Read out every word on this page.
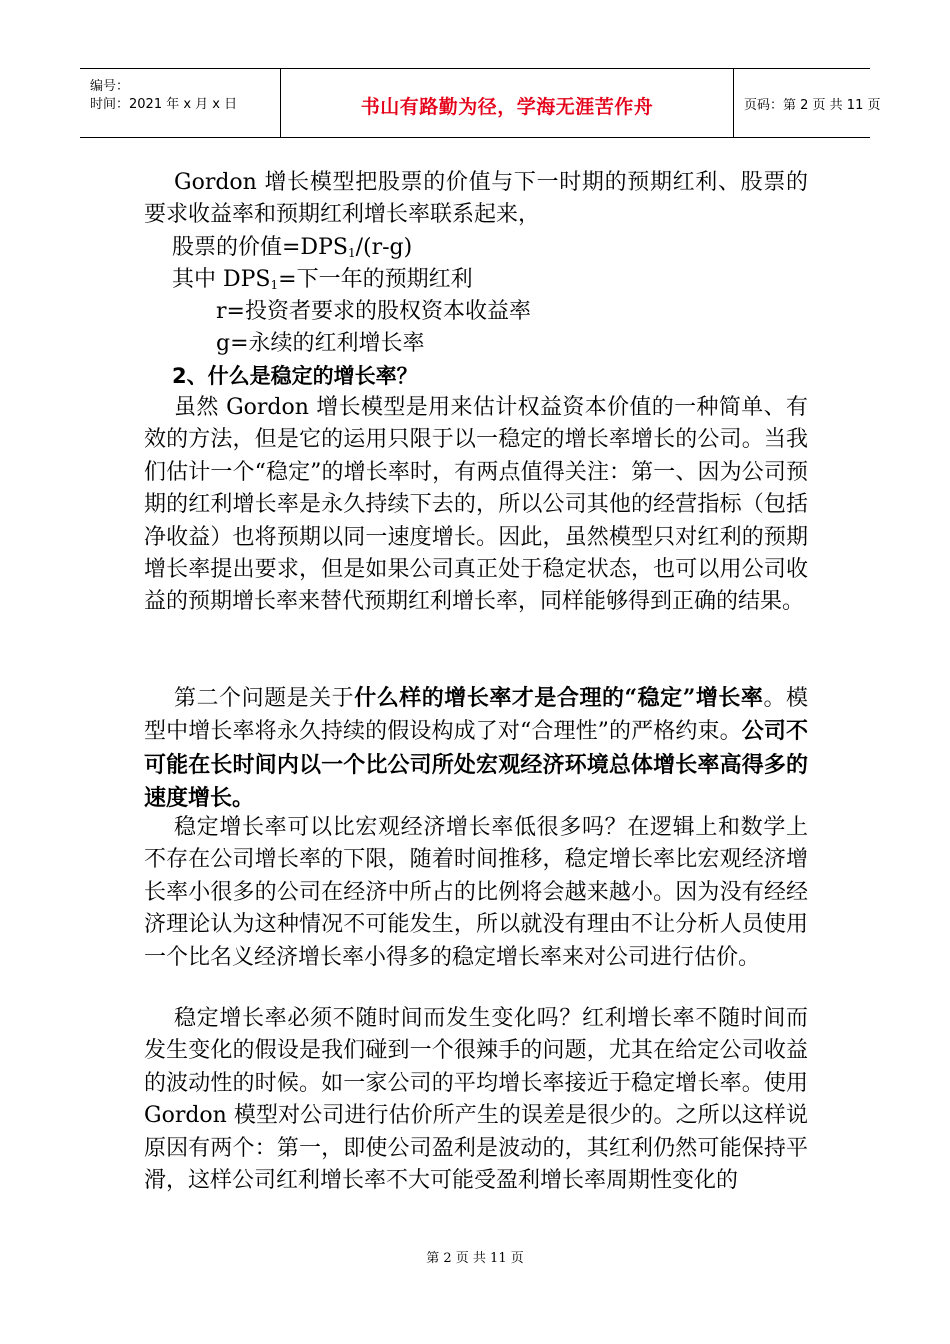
编号：
时间：2021 年 x 月 x 日	书山有路勤为径，学海无涯苦作舟	页码：第 2 页 共 11 页
Gordon 增长模型把股票的价值与下一时期的预期红利、股票的要求收益率和预期红利增长率联系起来，
股票的价值$=DPS_1/(r-g)$
其中 $DPS_1=$下一年的预期红利
r=投资者要求的股权资本收益率
g=永续的红利增长率
2、什么是稳定的增长率？
虽然 Gordon 增长模型是用来估计权益资本价值的一种简单、有效的方法，但是它的运用只限于以一稳定的增长率增长的公司。当我们估计一个“稳定”的增长率时，有两点值得关注：第一、因为公司预期的红利增长率是永久持续下去的，所以公司其他的经营指标（包括净收益）也将预期以同一速度增长。因此，虽然模型只对红利的预期增长率提出要求，但是如果公司真正处于稳定状态，也可以用公司收益的预期增长率来替代预期红利增长率，同样能够得到正确的结果。
第二个问题是关于什么样的增长率才是合理的“稳定”增长率。模型中增长率将永久持续的假设构成了对“合理性”的严格约束。公司不可能在长时间内以一个比公司所处宏观经济环境总体增长率高得多的速度增长。
稳定增长率可以比宏观经济增长率低很多吗？在逻辑上和数学上不存在公司增长率的下限，随着时间推移，稳定增长率比宏观经济增长率小很多的公司在经济中所占的比例将会越来越小。因为没有经经济理论认为这种情况不可能发生，所以就没有理由不让分析人员使用一个比名义经济增长率小得多的稳定增长率来对公司进行估价。
稳定增长率必须不随时间而发生变化吗？红利增长率不随时间而发生变化的假设是我们碰到一个很辣手的问题，尤其在给定公司收益的波动性的时候。如一家公司的平均增长率接近于稳定增长率。使用 Gordon 模型对公司进行估价所产生的误差是很少的。之所以这样说原因有两个：第一，即使公司盈利是波动的，其红利仍然可能保持平滑，这样公司红利增长率不大可能受盈利增长率周期性变化的
第 2 页 共 11 页
